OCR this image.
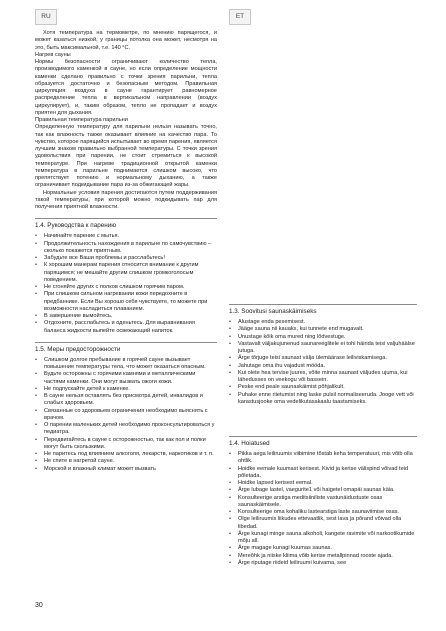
RU	ET

Хотя температура на термометре, по мнению парящегося, и может казаться низкой, у границы потолка она может, несмотря на это, быть максимальной, т.е. 140 °С.

Нагрев сауны

Нормы безопасности ограничивают количество тепла, производимого каменкой в сауне, но если определение мощности каменки сделано правильно с точки зрения парильни, тепла образуется достаточно и безопасным методом. Правильная циркуляция воздуха в сауне гарантирует равномерное распределение тепла в вертикальном направлении (воздух циркулирует), и, таким образом, тепло не пропадает и воздух приятен для дыхания.

Правильная температура парильни

Определенную температуру для парильни нельзя называть точно, так как влажность также оказывает влияние на качество пара. То чувство, которое парящийся испытывает во время парения, является лучшим знаком правильно выбранной температуры. С точки зрения удовольствия при парении, не стоит стремиться к высокой температуре. При нагреве традиционной открытой каменки температура в парильне поднимается слишком высоко, что препятствует потению и нормальному дыханию, а также ограничивает подкидывание пара из-за обжигающей жары.

Нормальные условия парения достигаются путем поддерживания такой температуры, при которой можно подкидывать пар для получения приятной влажности.

1.4. Руководства к парению
• Начинайте парение с мытья.
• Продолжительность нахождения в парильне по самочувствию – сколько покажется приятным.
• Забудьте все Ваши проблемы и расслабьтесь!
• К хорошим манерам парения относится внимание к другим парящимся; не мешайте другим слишком громкоголосым поведением.
• Не сгоняйте других с полков слишком горячим паром.
• При слишком сильном нагревании кожи передохните в предбаннике. Если Вы хорошо себя чувствуете, то можете при возможности насладиться плаванием.
• В завершение вымойтесь.
• Отдохните, расслабьтесь и оденьтесь. Для выравнивания баланса жидкости выпейте освежающий напиток.
1.5. Меры предосторожности
• Слишком долгое пребывание в горячей сауне вызывает повышение температуры тела, что может оказаться опасным.
• Будьте осторожны с горячими камнями и металлическими частями каменки. Они могут вызвать ожоги кожи.
• Не подпускайте детей к каменке.
• В сауне нельзя оставлять без присмотра детей, инвалидов и слабых здоровьем.
• Связанные со здоровьем ограничения необходимо выяснять с врачом.
• О парении маленьких детей необходимо проконсультироваться у педиатра.
• Передвигайтесь в сауне с осторожностью, так как пол и полки могут быть скользкими.
• Не паритесь под влиянием алкоголя, лекарств, наркотиков и т. п.
• Не спите в нагретой сауне.
• Морской и влажный климат может вызвать
1.3. Soovitusi saunaskäimiseks
• Alustage enda pesemisest.
• Jääge sauna nii kauaks, kui tunnete end mugavalt.
• Unustage kõik oma mured ning lõdvestuge.
• Vastavalt väljakujunenud saunareeglitele ei tohi häirida teisi valjuhäälse jutuga.
• Ärge tõrjuge teisi saunast välja ülemäärase leiliviskamisega.
• Jahutage oma ihu vajadust mööda.
• Kui olete hea tervise juures, võite minna saunast väljudes ujuma, kui lähedusses on veekogu või bassein.
• Peske end peale saunaskäimist põhjalikult.
• Puhake enne riietumist ning laske pulsil normaliseeruda. Joogе vett või karastusjooke oma vedelikutasakaalu taastamiseks.
1.4. Hoiatused
• Pikka aega leiliruumis viibimine tõstab keha temperatuuri, mis võib olla ohtlik.
• Hoidke eemale kuumast kerisest. Kivid ja kerise välispind võivad teid põletada.
• Hoidke lapsed kerisest eemal.
• Ärge lubage lastel, vaegurite1 või haigetel omapäi saunas käia.
• Konsulteerige arstiga meditsiiniliste vastunäidustuste osas saunaskäimisele.
• Konsulteerige oma kohaliku lastearstiga laste saunaviimise osas.
• Olge leiliruumis liikudes ettevaatlik, sest lava ja põrand võivad olla libedad.
• Ärge kunagi minge sauna alkoholi, kangete ravimite või narkootikumide mõju all.
• Ärge magage kunagi kuumas saunas.
• Mereõhk ja niiske kliima võib kerise metallpinnad rooste ajada.
• Ärge riputage riideid leiliruumi kuivama, see
30
